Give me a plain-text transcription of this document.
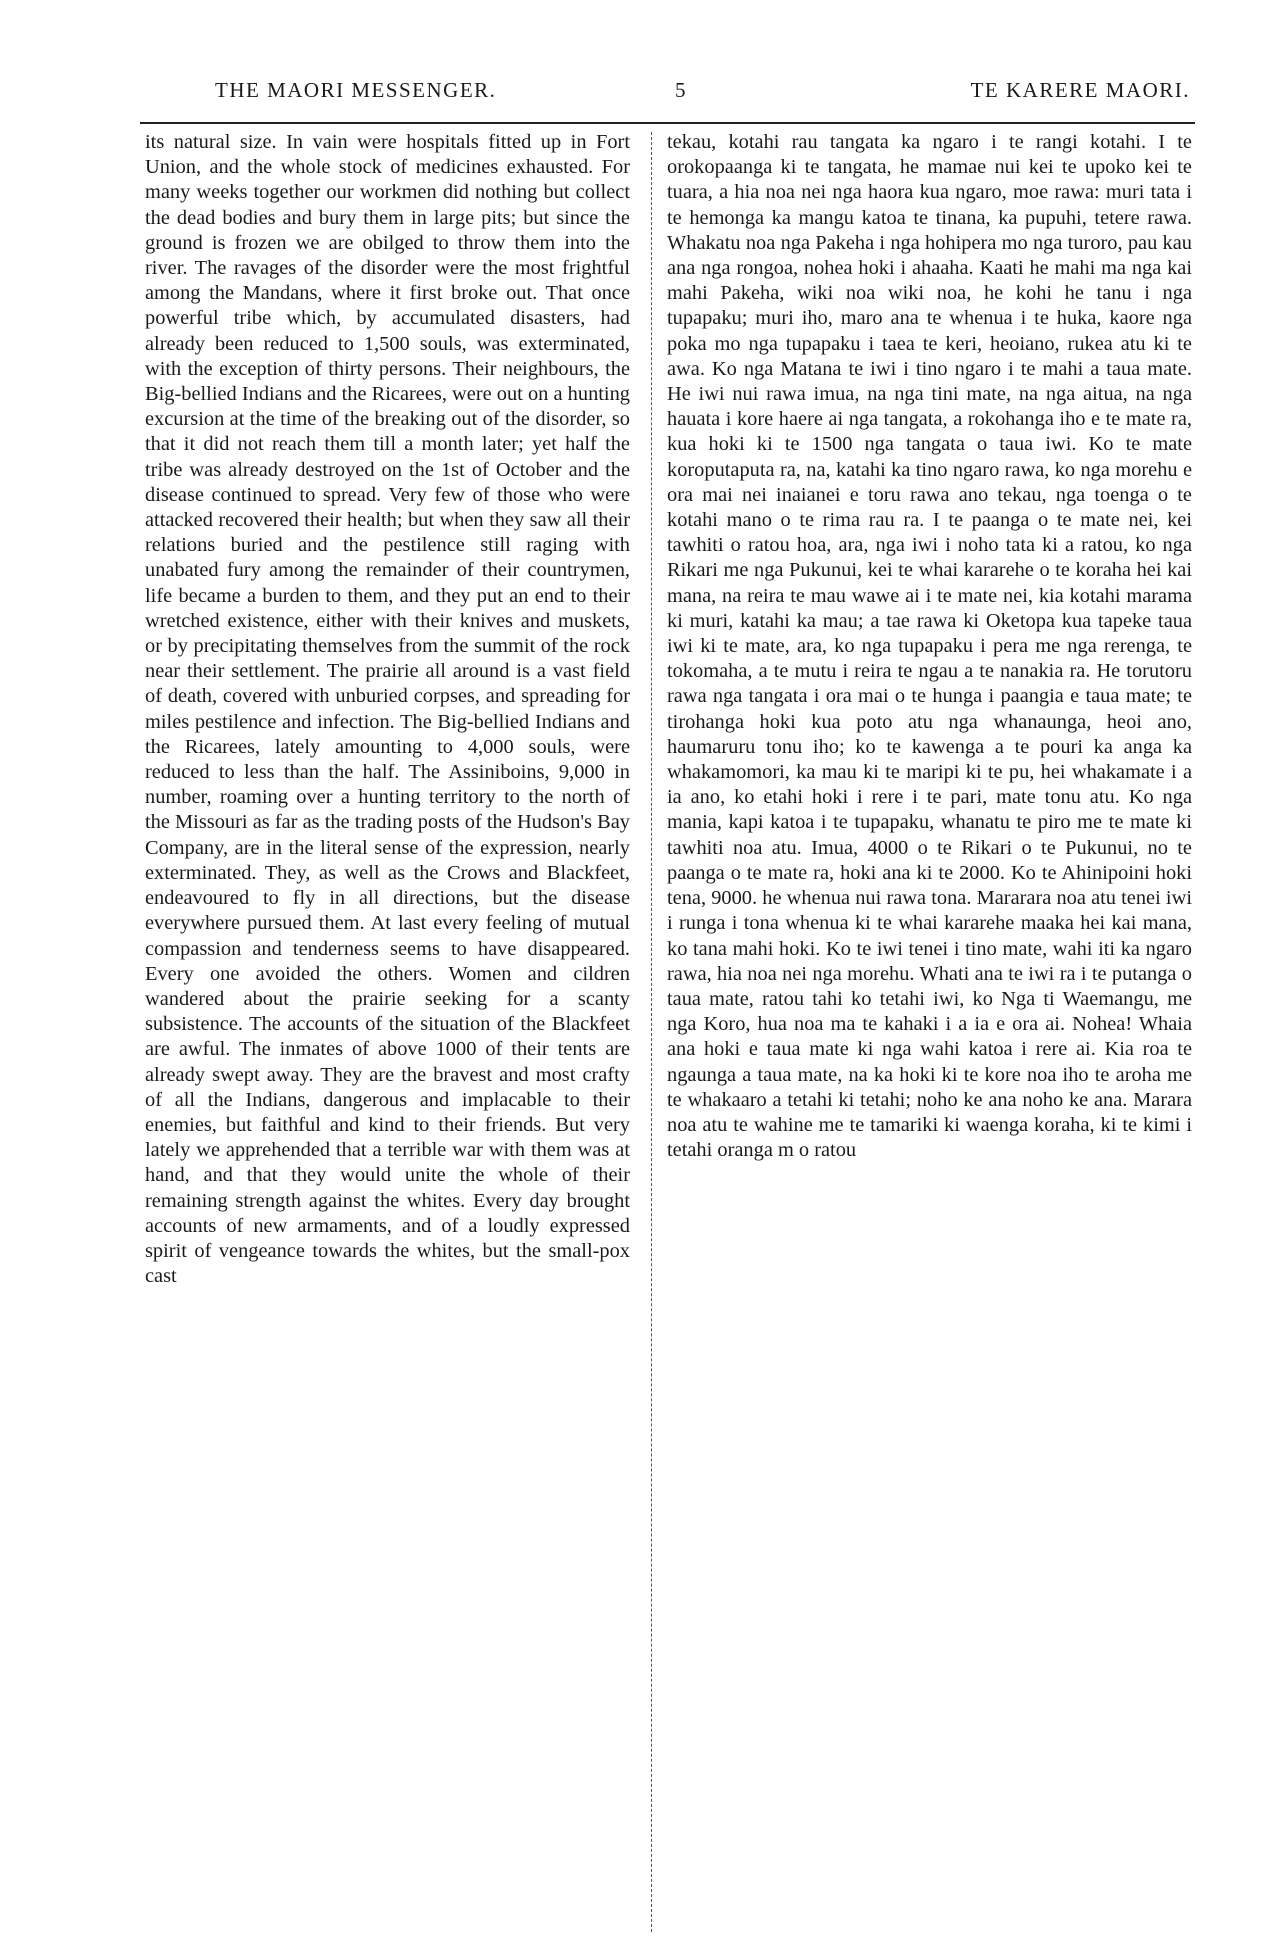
THE MAORI MESSENGER.	5	TE KARERE MAORI.

its natural size. In vain were hospitals fitted up in Fort Union, and the whole stock of medicines exhausted. For many weeks together our workmen did nothing but collect the dead bodies and bury them in large pits; but since the ground is frozen we are obilged to throw them into the river. The ravages of the disorder were the most frightful among the Mandans, where it first broke out. That once powerful tribe which, by accumulated disasters, had already been reduced to 1,500 souls, was exterminated, with the exception of thirty persons. Their neighbours, the Big-bellied Indians and the Ricarees, were out on a hunting excursion at the time of the breaking out of the disorder, so that it did not reach them till a month later; yet half the tribe was already destroyed on the 1st of October and the disease continued to spread. Very few of those who were attacked recovered their health; but when they saw all their relations buried and the pestilence still raging with unabated fury among the remainder of their countrymen, life became a burden to them, and they put an end to their wretched existence, either with their knives and muskets, or by precipitating themselves from the summit of the rock near their settlement. The prairie all around is a vast field of death, covered with unburied corpses, and spreading for miles pestilence and infection. The Big-bellied Indians and the Ricarees, lately amounting to 4,000 souls, were reduced to less than the half. The Assiniboins, 9,000 in number, roaming over a hunting territory to the north of the Missouri as far as the trading posts of the Hudson's Bay Company, are in the literal sense of the expression, nearly exterminated. They, as well as the Crows and Blackfeet, endeavoured to fly in all directions, but the disease everywhere pursued them. At last every feeling of mutual compassion and tenderness seems to have disappeared. Every one avoided the others. Women and cildren wandered about the prairie seeking for a scanty subsistence. The accounts of the situation of the Blackfeet are awful. The inmates of above 1000 of their tents are already swept away. They are the bravest and most crafty of all the Indians, dangerous and implacable to their enemies, but faithful and kind to their friends. But very lately we apprehended that a terrible war with them was at hand, and that they would unite the whole of their remaining strength against the whites. Every day brought accounts of new armaments, and of a loudly expressed spirit of vengeance towards the whites, but the small-pox cast

tekau, kotahi rau tangata ka ngaro i te rangi kotahi. I te orokopaanga ki te tangata, he mamae nui kei te upoko kei te tuara, a hia noa nei nga haora kua ngaro, moe rawa: muri tata i te hemonga ka mangu katoa te tinana, ka pupuhi, tetere rawa. Whakatu noa nga Pakeha i nga hohipera mo nga turoro, pau kau ana nga rongoa, nohea hoki i ahaaha. Kaati he mahi ma nga kai mahi Pakeha, wiki noa wiki noa, he kohi he tanu i nga tupapaku; muri iho, maro ana te whenua i te huka, kaore nga poka mo nga tupapaku i taea te keri, heoiano, rukea atu ki te awa. Ko nga Matana te iwi i tino ngaro i te mahi a taua mate. He iwi nui rawa imua, na nga tini mate, na nga aitua, na nga hauata i kore haere ai nga tangata, a rokohanga iho e te mate ra, kua hoki ki te 1500 nga tangata o taua iwi. Ko te mate koroputaputa ra, na, katahi ka tino ngaro rawa, ko nga morehu e ora mai nei inaianei e toru rawa ano tekau, nga toenga o te kotahi mano o te rima rau ra. I te paanga o te mate nei, kei tawhiti o ratou hoa, ara, nga iwi i noho tata ki a ratou, ko nga Rikari me nga Pukunui, kei te whai kararehe o te koraha hei kai mana, na reira te mau wawe ai i te mate nei, kia kotahi marama ki muri, katahi ka mau; a tae rawa ki Oketopa kua tapeke taua iwi ki te mate, ara, ko nga tupapaku i pera me nga rerenga, te tokomaha, a te mutu i reira te ngau a te nanakia ra. He torutoru rawa nga tangata i ora mai o te hunga i paangia e taua mate; te tirohanga hoki kua poto atu nga whanaunga, heoi ano, haumaruru tonu iho; ko te kawenga a te pouri ka anga ka whakamomori, ka mau ki te maripi ki te pu, hei whakamate i a ia ano, ko etahi hoki i rere i te pari, mate tonu atu. Ko nga mania, kapi katoa i te tupapaku, whanatu te piro me te mate ki tawhiti noa atu. Imua, 4000 o te Rikari o te Pukunui, no te paanga o te mate ra, hoki ana ki te 2000. Ko te Ahinipoini hoki tena, 9000. he whenua nui rawa tona. Mararara noa atu tenei iwi i runga i tona whenua ki te whai kararehe maaka hei kai mana, ko tana mahi hoki. Ko te iwi tenei i tino mate, wahi iti ka ngaro rawa, hia noa nei nga morehu. Whati ana te iwi ra i te putanga o taua mate, ratou tahi ko tetahi iwi, ko Nga ti Waemangu, me nga Koro, hua noa ma te kahaki i a ia e ora ai. Nohea! Whaia ana hoki e taua mate ki nga wahi katoa i rere ai. Kia roa te ngaunga a taua mate, na ka hoki ki te kore noa iho te aroha me te whakaaro a tetahi ki tetahi; noho ke ana noho ke ana. Marara noa atu te wahine me te tamariki ki waenga koraha, ki te kimi i tetahi oranga m o ratou
